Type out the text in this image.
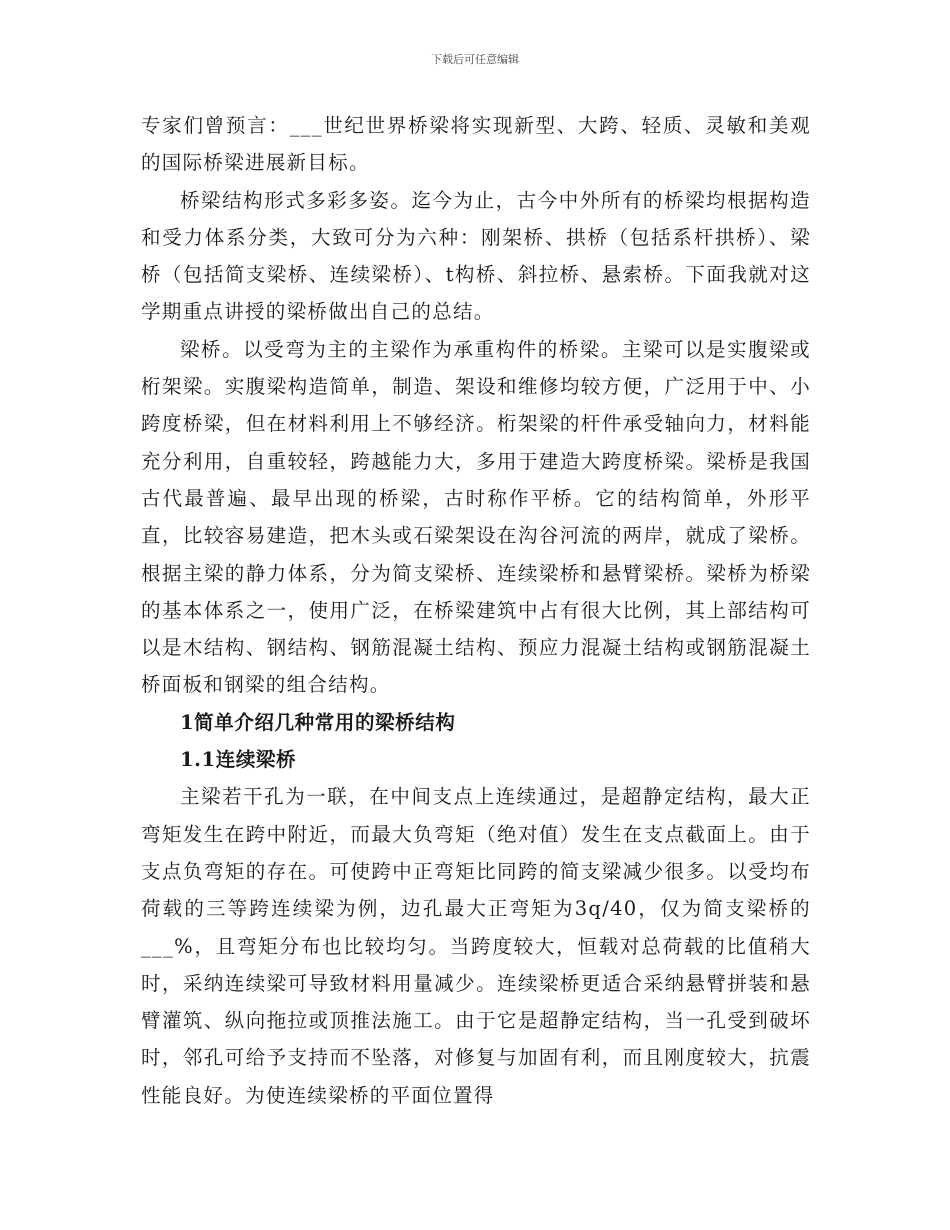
下载后可任意编辑

专家们曾预言：___世纪世界桥梁将实现新型、大跨、轻质、灵敏和美观的国际桥梁进展新目标。

桥梁结构形式多彩多姿。迄今为止，古今中外所有的桥梁均根据构造和受力体系分类，大致可分为六种：刚架桥、拱桥（包括系杆拱桥）、梁桥（包括简支梁桥、连续梁桥）、t构桥、斜拉桥、悬索桥。下面我就对这学期重点讲授的梁桥做出自己的总结。

梁桥。以受弯为主的主梁作为承重构件的桥梁。主梁可以是实腹梁或桁架梁。实腹梁构造简单，制造、架设和维修均较方便，广泛用于中、小跨度桥梁，但在材料利用上不够经济。桁架梁的杆件承受轴向力，材料能充分利用，自重较轻，跨越能力大，多用于建造大跨度桥梁。梁桥是我国古代最普遍、最早出现的桥梁，古时称作平桥。它的结构简单，外形平直，比较容易建造，把木头或石梁架设在沟谷河流的两岸，就成了梁桥。根据主梁的静力体系，分为简支梁桥、连续梁桥和悬臂梁桥。梁桥为桥梁的基本体系之一，使用广泛，在桥梁建筑中占有很大比例，其上部结构可以是木结构、钢结构、钢筋混凝土结构、预应力混凝土结构或钢筋混凝土桥面板和钢梁的组合结构。

1简单介绍几种常用的梁桥结构
1.1连续梁桥

主梁若干孔为一联，在中间支点上连续通过，是超静定结构，最大正弯矩发生在跨中附近，而最大负弯矩（绝对值）发生在支点截面上。由于支点负弯矩的存在。可使跨中正弯矩比同跨的简支梁减少很多。以受均布荷载的三等跨连续梁为例，边孔最大正弯矩为3q/40，仅为简支梁桥的___%，且弯矩分布也比较均匀。当跨度较大，恒载对总荷载的比值稍大时，采纳连续梁可导致材料用量减少。连续梁桥更适合采纳悬臂拼装和悬臂灌筑、纵向拖拉或顶推法施工。由于它是超静定结构，当一孔受到破坏时，邻孔可给予支持而不坠落，对修复与加固有利，而且刚度较大，抗震性能良好。为使连续梁桥的平面位置得
